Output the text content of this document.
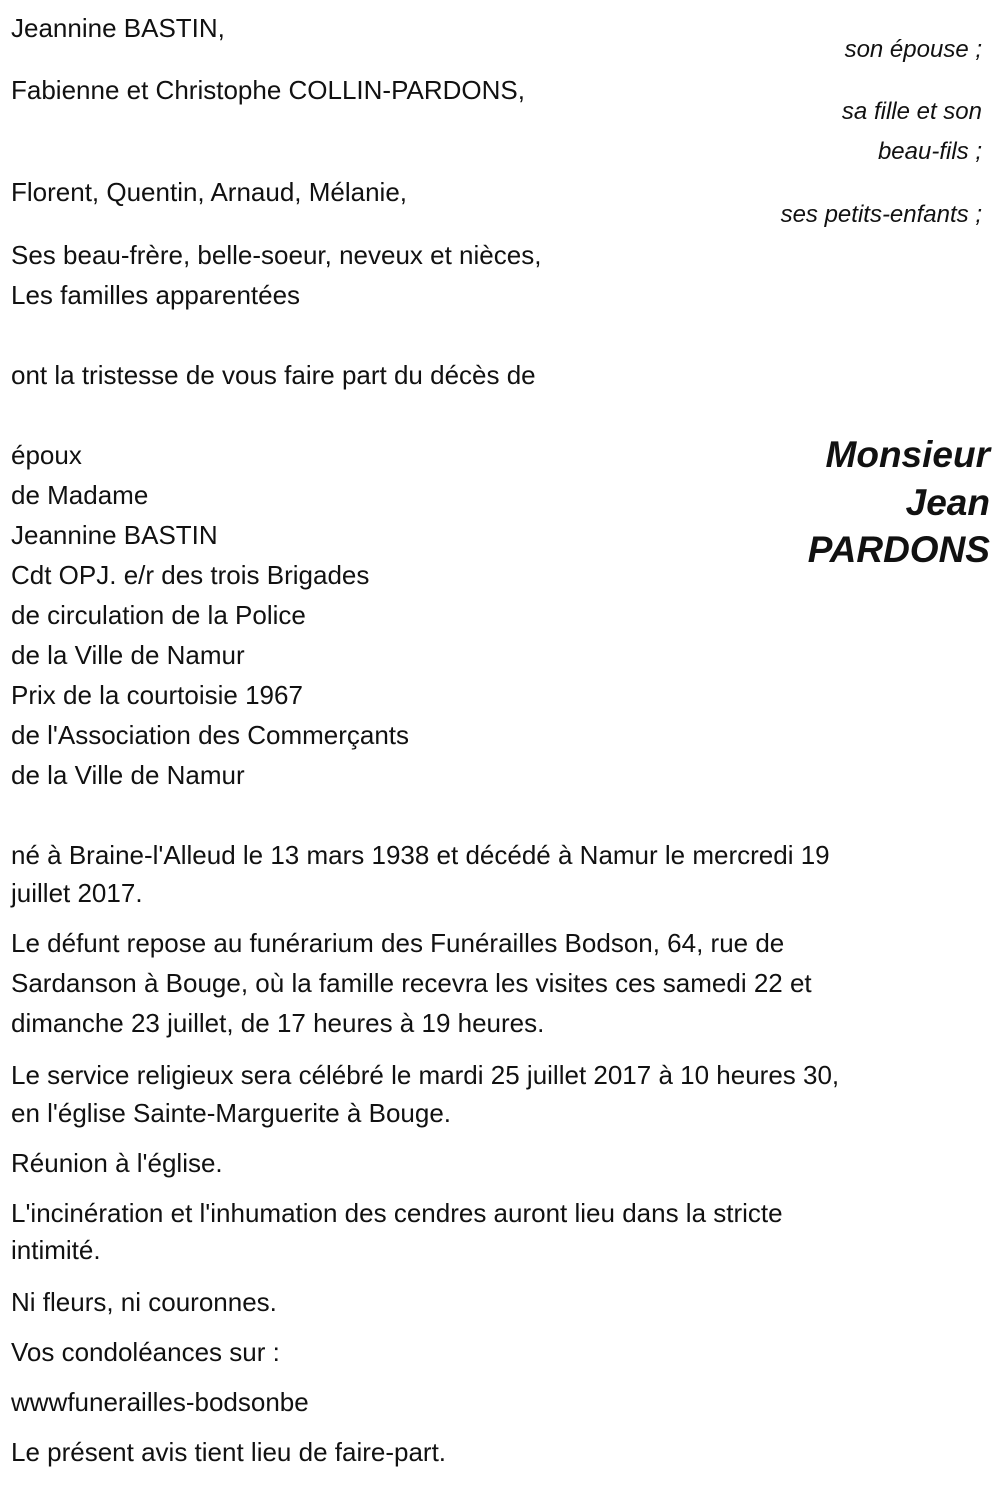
Jeannine BASTIN,
son épouse ;
Fabienne et Christophe COLLIN-PARDONS,
sa fille et son
beau-fils ;
Florent, Quentin, Arnaud, Mélanie,
ses petits-enfants ;
Ses beau-frère, belle-soeur, neveux et nièces,
Les familles apparentées
ont la tristesse de vous faire part du décès de
Monsieur
Jean
PARDONS
époux
de Madame
Jeannine BASTIN
Cdt OPJ. e/r des trois Brigades
de circulation de la Police
de la Ville de Namur
Prix de la courtoisie 1967
de l'Association des Commerçants
de la Ville de Namur
né à Braine-l'Alleud le 13 mars 1938 et décédé à Namur le mercredi 19
juillet 2017.
Le défunt repose au funérarium des Funérailles Bodson, 64, rue de
Sardanson à Bouge, où la famille recevra les visites ces samedi 22 et
dimanche 23 juillet, de 17 heures à 19 heures.
Le service religieux sera célébré le mardi 25 juillet 2017 à 10 heures 30,
en l'église Sainte-Marguerite à Bouge.
Réunion à l'église.
L'incinération et l'inhumation des cendres auront lieu dans la stricte
intimité.
Ni fleurs, ni couronnes.
Vos condoléances sur :
wwwfunerailles-bodsonbe
Le présent avis tient lieu de faire-part.
